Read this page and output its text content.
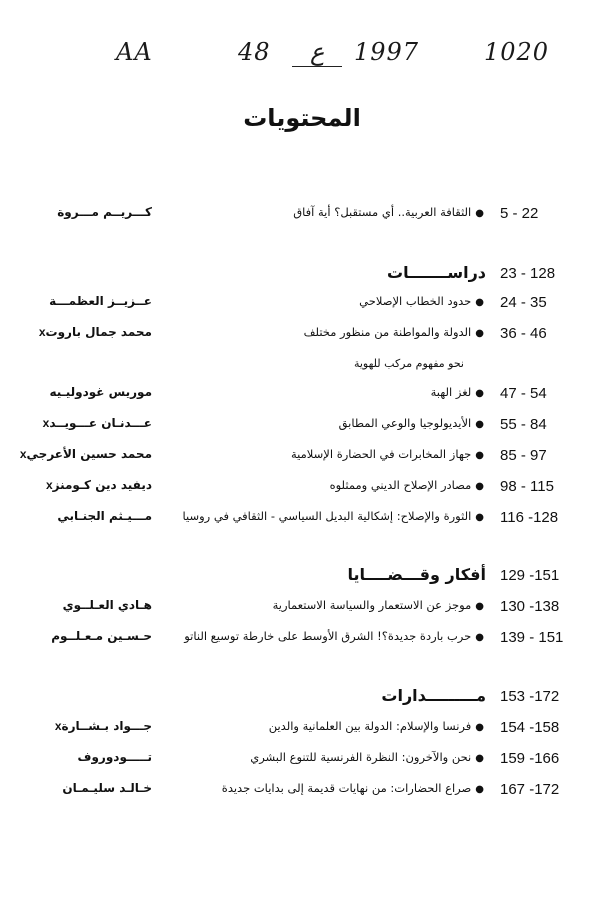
1020
1997
ع
48
AA
المحتويات
5 - 22
●الثقافة العربية.. أي مستقبل؟ أية آفاق
كـــريــم مـــروة
23 - 128
دراســـــــات
24 - 35
●حدود الخطاب الإصلاحي
عــزيــز العظمـــة
36 - 46
●الدولة والمواطنة من منظور مختلف
محمد جمال باروتx
نحو مفهوم مركب للهوية
47 - 54
●لغز الهبة
موريس غودوليـيه
55 - 84
●الأيديولوجيا والوعي المطابق
عـــدنـان عـــويــدx
85 - 97
●جهاز المخابرات في الحضارة الإسلامية
محمد حسين الأعرجيx
98 - 115
●مصادر الإصلاح الديني وممثلوه
ديفيد دين كـومنزx
116 -128
●الثورة والإصلاح: إشكالية البديل السياسي - الثقافي في روسيا
مـــيـثم الجنـابي
129 -151
أفكار وقـــضــــايا
130 -138
●موجز عن الاستعمار والسياسة الاستعمارية
هـادي العـلــوي
139 - 151
●حرب باردة جديدة؟! الشرق الأوسط على خارطة توسيع الناتو
حـسـين مـعـلــوم
153 -172
مـــــــــدارات
154 -158
●فرنسا والإسلام: الدولة بين العلمانية والدين
جـــواد بـشــارةx
159 -166
●نحن والآخرون: النظرة الفرنسية للتنوع البشري
تـــــودوروف
167 -172
●صراع الحضارات: من نهايات قديمة إلى بدايات جديدة
خـالـد سليـمـان
